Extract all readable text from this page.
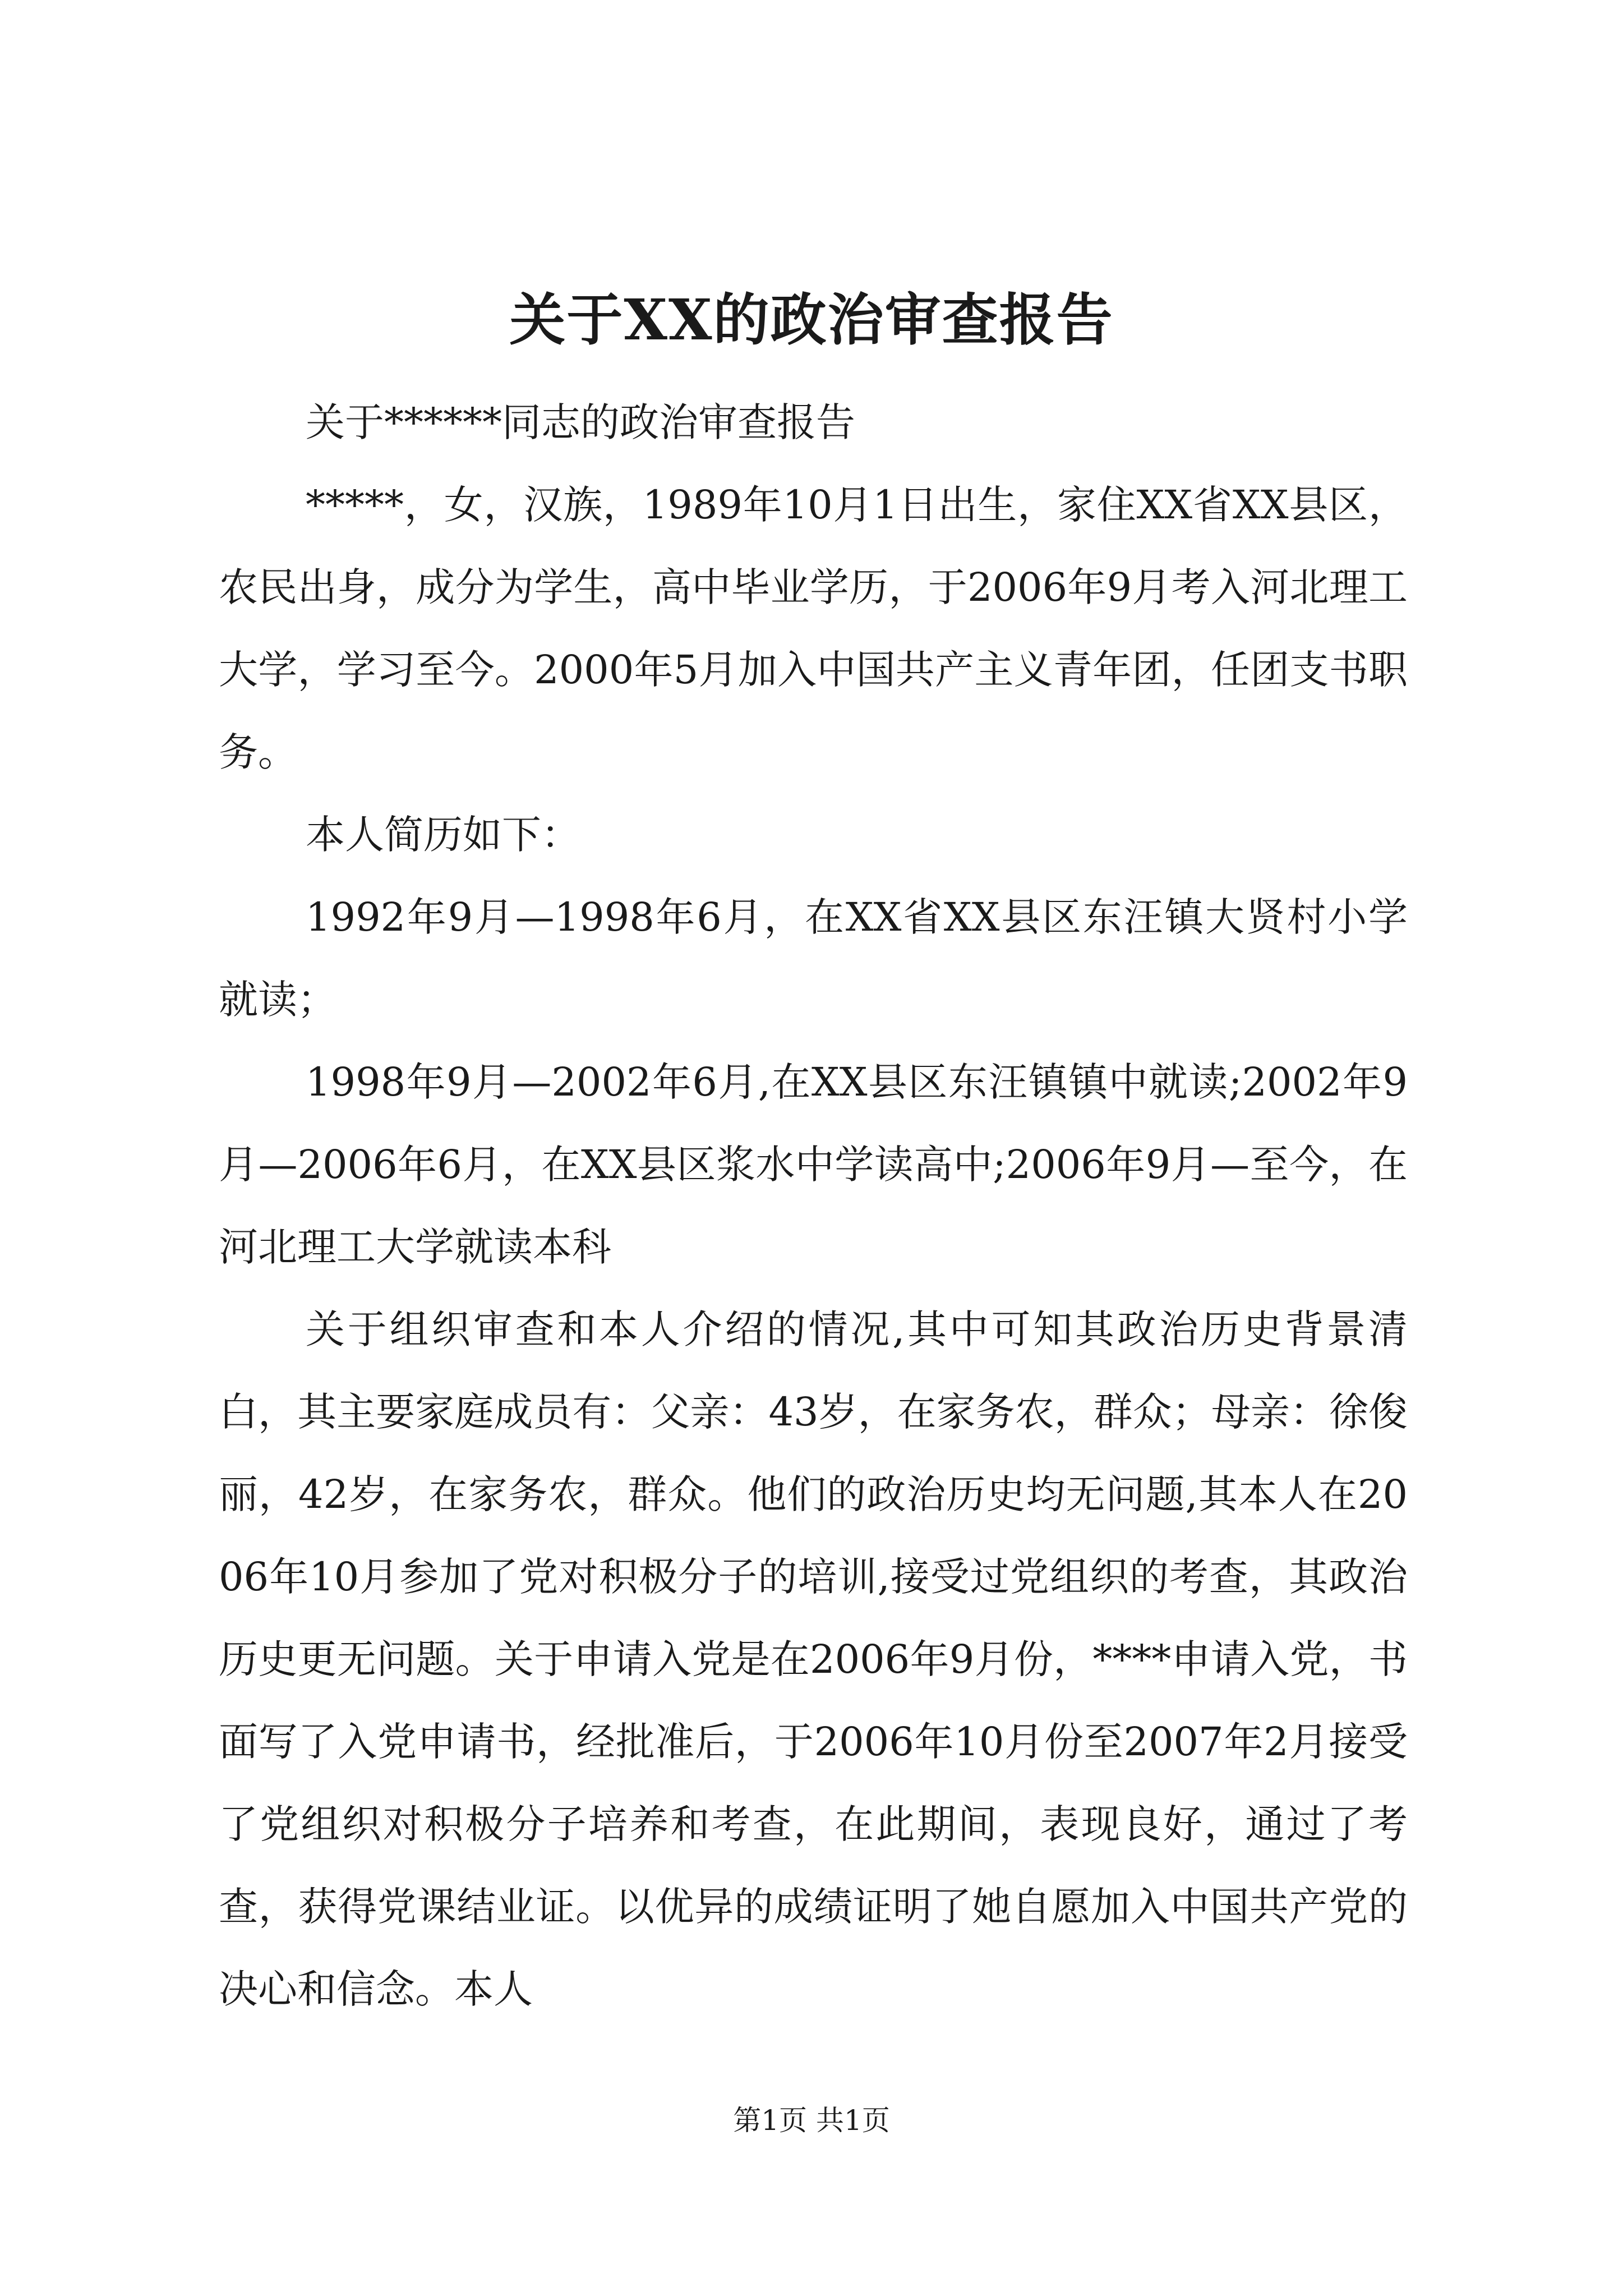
关于XX的政治审查报告

关于******同志的政治审查报告

*****，女，汉族，1989年10月1日出生，家住XX省XX县区，农民出身，成分为学生，高中毕业学历，于2006年9月考入河北理工大学，学习至今。2000年5月加入中国共产主义青年团，任团支书职务。

本人简历如下：

1992年9月—1998年6月，在XX省XX县区东汪镇大贤村小学就读；

1998年9月—2002年6月,在XX县区东汪镇镇中就读;2002年9月—2006年6月，在XX县区浆水中学读高中;2006年9月—至今，在河北理工大学就读本科

关于组织审查和本人介绍的情况,其中可知其政治历史背景清白，其主要家庭成员有：父亲：43岁，在家务农，群众；母亲：徐俊丽，42岁，在家务农，群众。他们的政治历史均无问题,其本人在2006年10月参加了党对积极分子的培训,接受过党组织的考查，其政治历史更无问题。关于申请入党是在2006年9月份，****申请入党，书面写了入党申请书，经批准后，于2006年10月份至2007年2月接受了党组织对积极分子培养和考查，在此期间，表现良好，通过了考查，获得党课结业证。以优异的成绩证明了她自愿加入中国共产党的决心和信念。本人

第1页 共1页
